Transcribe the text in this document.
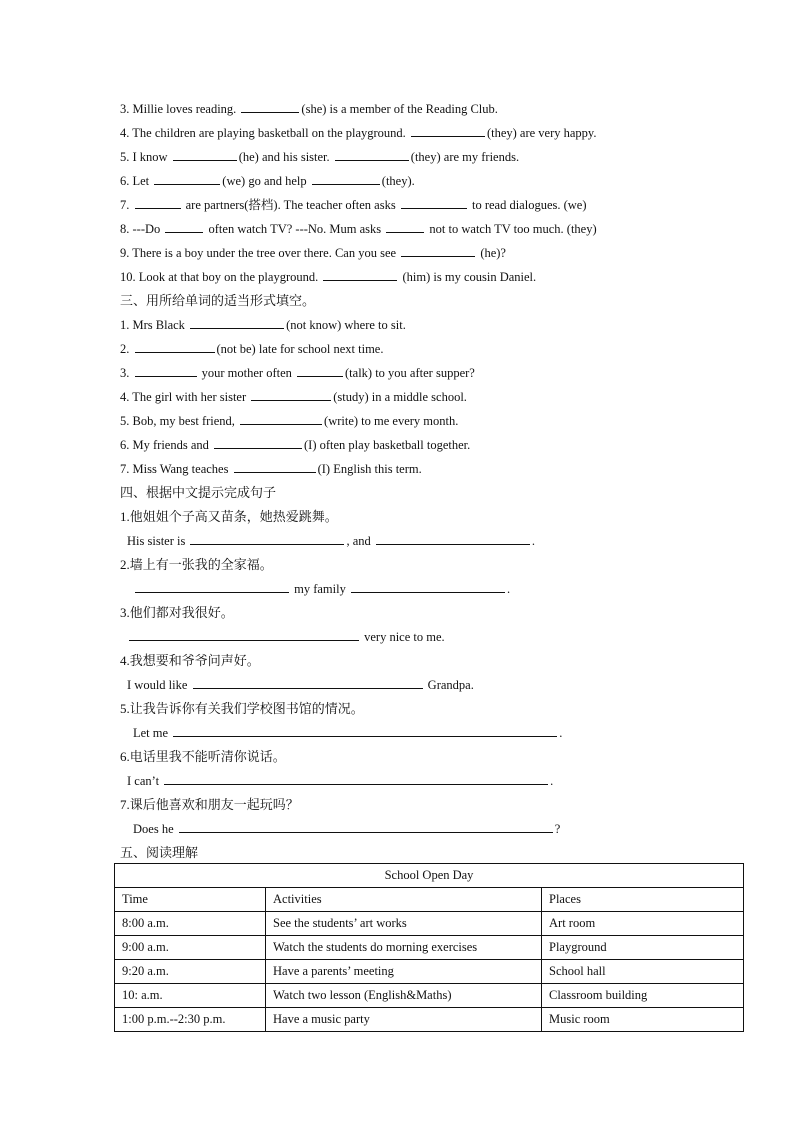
3. Millie loves reading.	(she) is a member of the Reading Club.
4. The children are playing basketball on the playground.	(they) are very happy.
5. I know	(he) and his sister.	(they) are my friends.
6. Let	(we) go and help	(they).
7.	are partners(搭档). The teacher often asks	to read dialogues. (we)
8. ---Do	often watch TV? ---No. Mum asks	not to watch TV too much. (they)
9. There is a boy under the tree over there. Can you see	(he)?
10. Look at that boy on the playground.	(him) is my cousin Daniel.
三、用所给单词的适当形式填空。
1. Mrs Black	(not know) where to sit.
2.	(not be) late for school next time.
3.	your mother often	(talk) to you after supper?
4. The girl with her sister	(study) in a middle school.
5. Bob, my best friend,	(write) to me every month.
6. My friends and	(I) often play basketball together.
7. Miss Wang teaches	(I) English this term.
四、根据中文提示完成句子
1.他姐姐个子高又苗条，她热爱跳舞。
His sister is	, and	.
2.墙上有一张我的全家福。
my family	.
3.他们都对我很好。
very nice to me.
4.我想要和爷爷问声好。
I would like	Grandpa.
5.让我告诉你有关我们学校图书馆的情况。
Let me	.
6.电话里我不能听清你说话。
I can’t	.
7.课后他喜欢和朋友一起玩吗？
Does he	?
五、阅读理解
School Open Day		
Time	Activities	Places
8:00 a.m.	See the students’ art works	Art room
9:00 a.m.	Watch the students do morning exercises	Playground
9:20 a.m.	Have a parents’ meeting	School hall
10: a.m.	Watch two lesson (English&Maths)	Classroom building
1:00 p.m.--2:30 p.m.	Have a music party	Music room
